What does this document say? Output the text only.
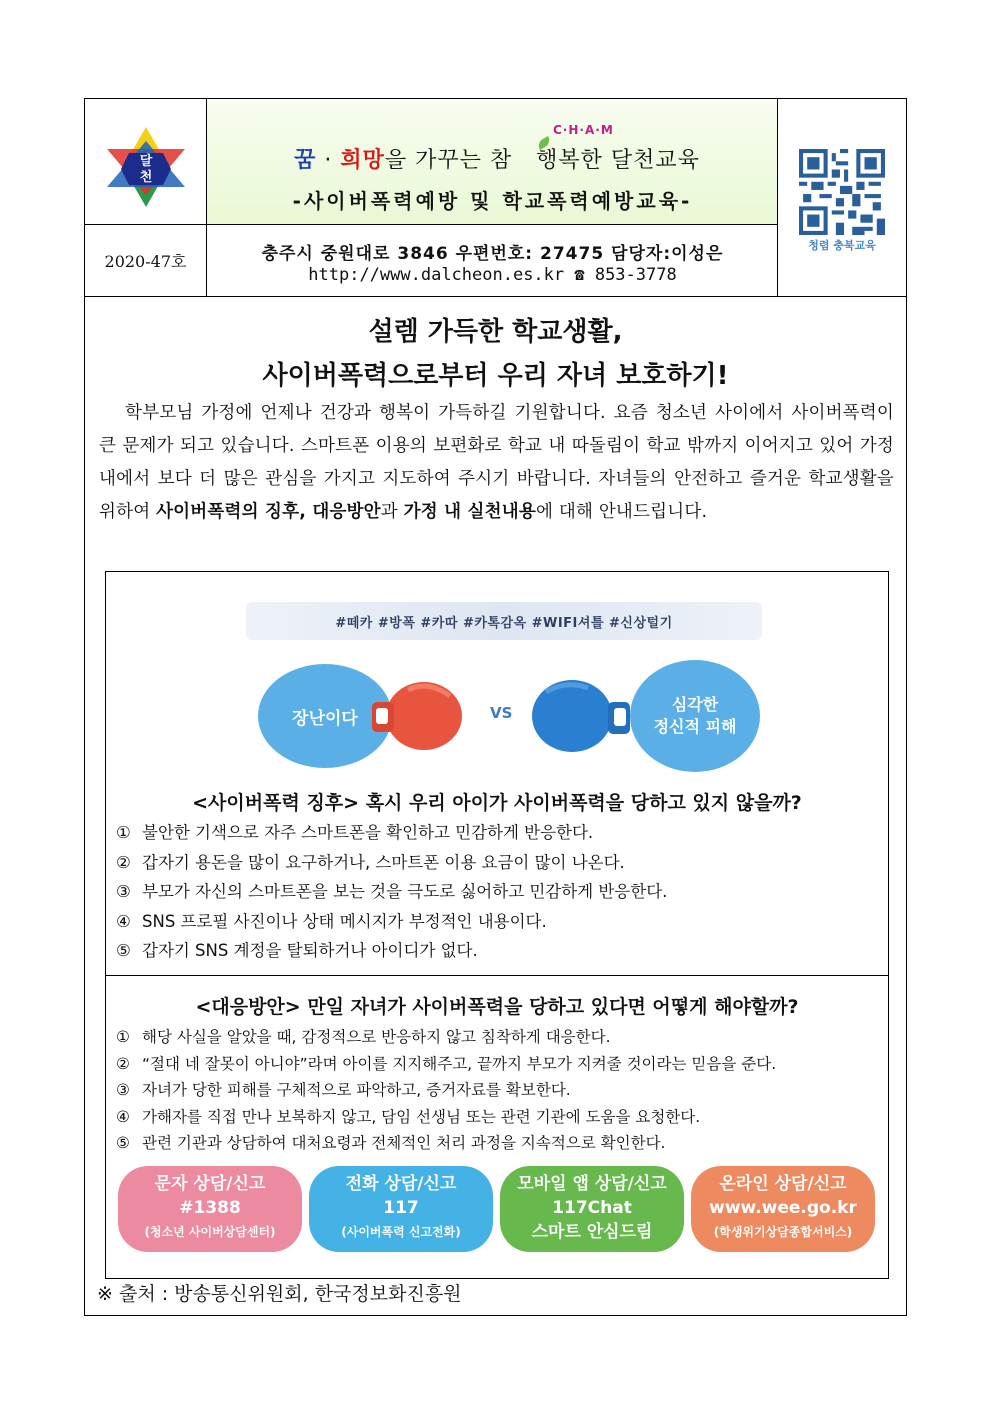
달
천
C·H·A·M
꿈 · 희망을 가꾸는 참   행복한 달천교육
-사이버폭력예방 및 학교폭력예방교육-
청렴 충북교육
2020-47호	충주시 중원대로 3846 우편번호: 27475 담당자:이성은
http://www.dalcheon.es.kr ☎ 853-3778
설렘 가득한 학교생활,
사이버폭력으로부터 우리 자녀 보호하기!
학부모님 가정에 언제나 건강과 행복이 가득하길 기원합니다. 요즘 청소년 사이에서 사이버폭력이 큰 문제가 되고 있습니다. 스마트폰 이용의 보편화로 학교 내 따돌림이 학교 밖까지 이어지고 있어 가정 내에서 보다 더 많은 관심을 가지고 지도하여 주시기 바랍니다. 자녀들의 안전하고 즐거운 학교생활을 위하여 사이버폭력의 징후, 대응방안과 가정 내 실천내용에 대해 안내드립니다.
#떼카 #방폭 #카따 #카톡감옥 #WIFI셔틀 #신상털기
장난이다	VS	심각한
정신적 피해
<사이버폭력 징후> 혹시 우리 아이가 사이버폭력을 당하고 있지 않을까?
① 불안한 기색으로 자주 스마트폰을 확인하고 민감하게 반응한다.
② 갑자기 용돈을 많이 요구하거나, 스마트폰 이용 요금이 많이 나온다.
③ 부모가 자신의 스마트폰을 보는 것을 극도로 싫어하고 민감하게 반응한다.
④ SNS 프로필 사진이나 상태 메시지가 부정적인 내용이다.
⑤ 갑자기 SNS 계정을 탈퇴하거나 아이디가 없다.
<대응방안> 만일 자녀가 사이버폭력을 당하고 있다면 어떻게 해야할까?
① 해당 사실을 알았을 때, 감정적으로 반응하지 않고 침착하게 대응한다.
② “절대 네 잘못이 아니야”라며 아이를 지지해주고, 끝까지 부모가 지켜줄 것이라는 믿음을 준다.
③ 자녀가 당한 피해를 구체적으로 파악하고, 증거자료를 확보한다.
④ 가해자를 직접 만나 보복하지 않고, 담임 선생님 또는 관련 기관에 도움을 요청한다.
⑤ 관련 기관과 상담하여 대처요령과 전체적인 처리 과정을 지속적으로 확인한다.
문자 상담/신고
#1388
(청소년 사이버상담센터)
전화 상담/신고
117
(사이버폭력 신고전화)
모바일 앱 상담/신고
117Chat
스마트 안심드림
온라인 상담/신고
www.wee.go.kr
(학생위기상담종합서비스)
※ 출처 : 방송통신위원회, 한국정보화진흥원
